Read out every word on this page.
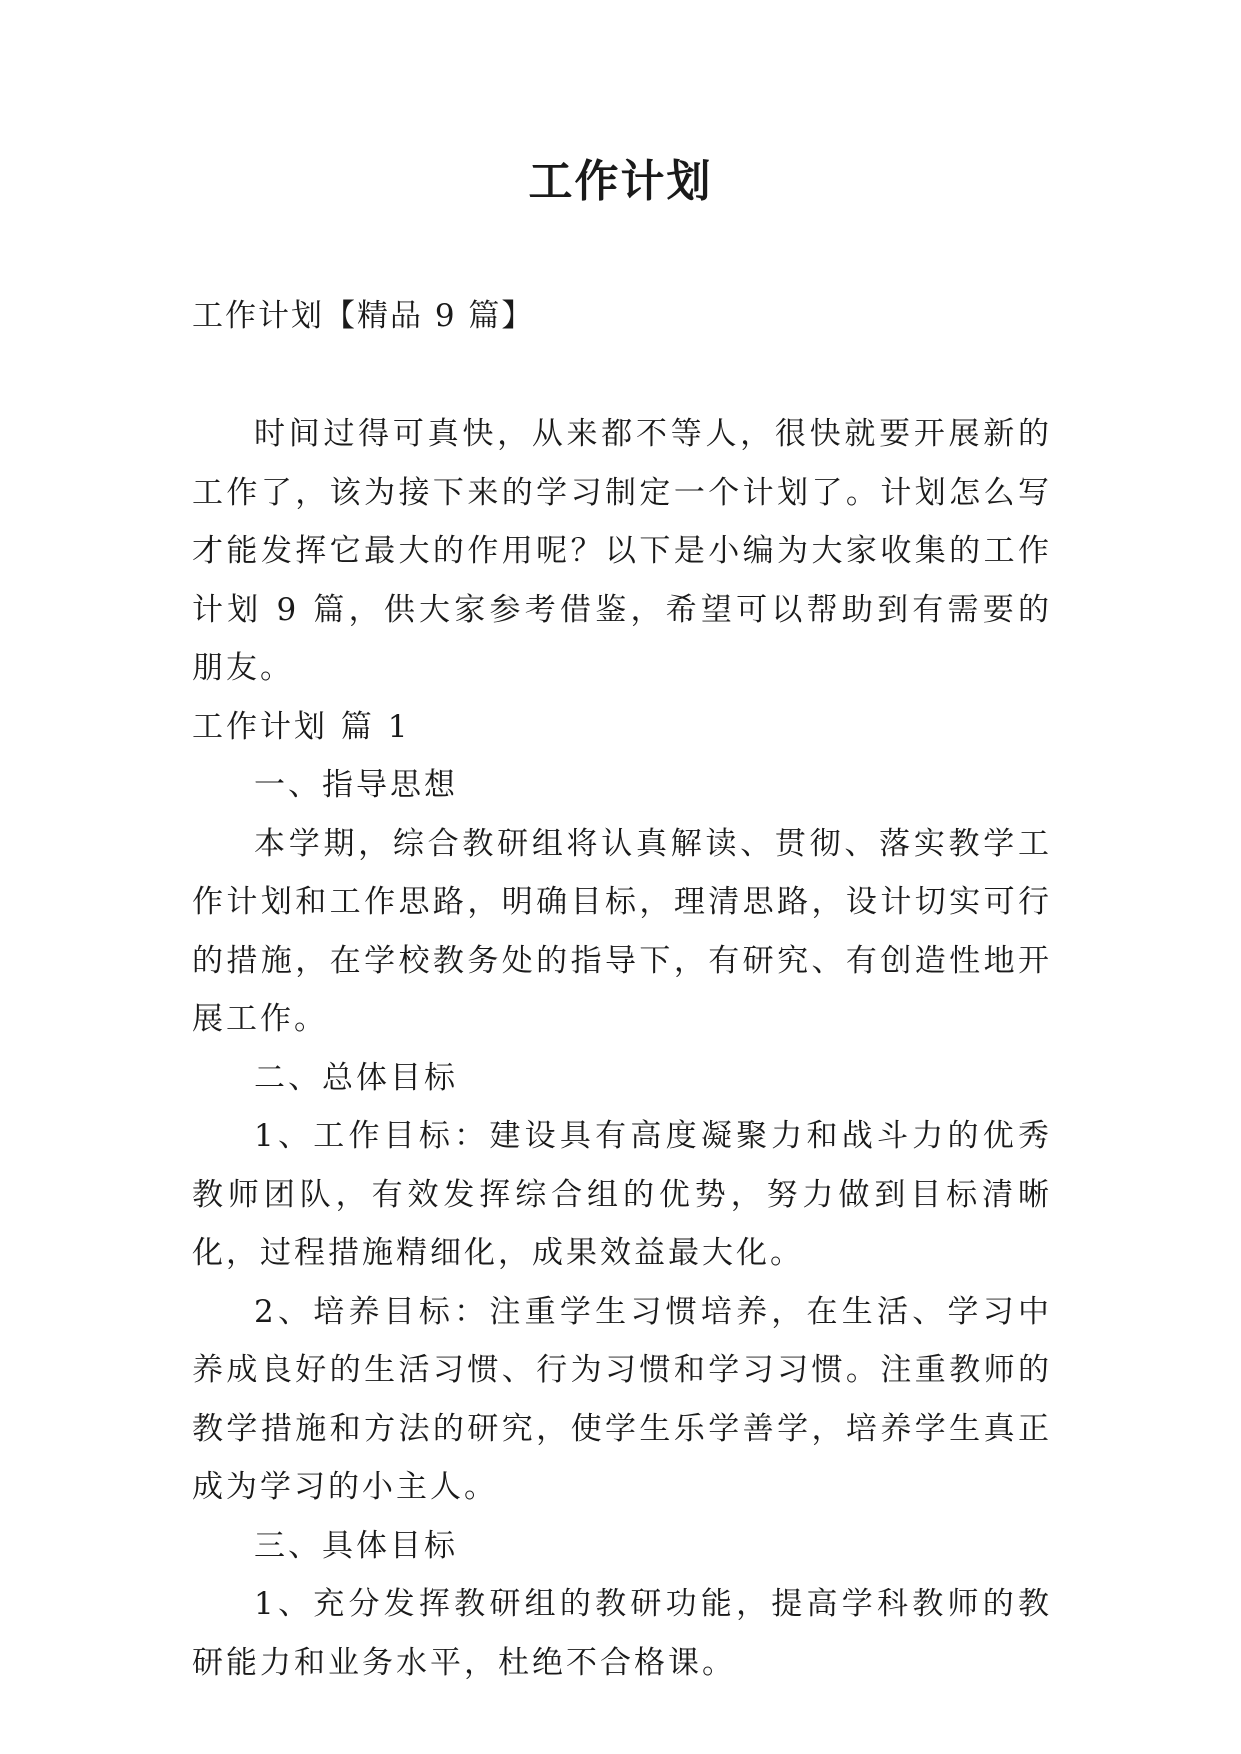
工作计划
工作计划【精品 9 篇】

时间过得可真快，从来都不等人，很快就要开展新的工作了，该为接下来的学习制定一个计划了。计划怎么写才能发挥它最大的作用呢？以下是小编为大家收集的工作计划 9 篇，供大家参考借鉴，希望可以帮助到有需要的朋友。

工作计划 篇 1

一、指导思想

本学期，综合教研组将认真解读、贯彻、落实教学工作计划和工作思路，明确目标，理清思路，设计切实可行的措施，在学校教务处的指导下，有研究、有创造性地开展工作。

二、总体目标

1、工作目标：建设具有高度凝聚力和战斗力的优秀教师团队，有效发挥综合组的优势，努力做到目标清晰化，过程措施精细化，成果效益最大化。

2、培养目标：注重学生习惯培养，在生活、学习中养成良好的生活习惯、行为习惯和学习习惯。注重教师的教学措施和方法的研究，使学生乐学善学，培养学生真正成为学习的小主人。

三、具体目标

1、充分发挥教研组的教研功能，提高学科教师的教研能力和业务水平，杜绝不合格课。
